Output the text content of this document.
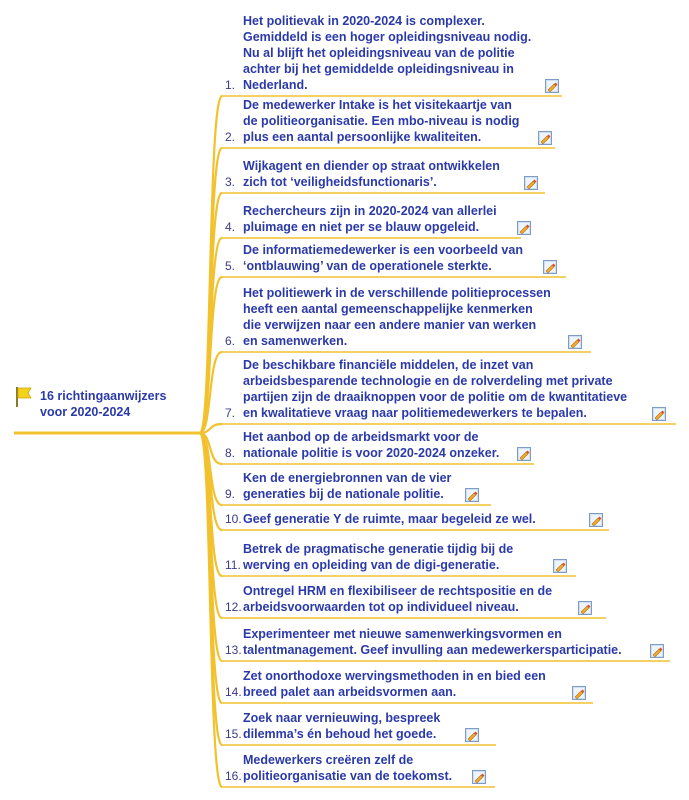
16 richtingaanwijzers
voor 2020-2024
1.
Het politievak in 2020-2024 is complexer.
Gemiddeld is een hoger opleidingsniveau nodig.
Nu al blijft het opleidingsniveau van de politie
achter bij het gemiddelde opleidingsniveau in
Nederland.
2.
De medewerker Intake is het visitekaartje van
de politieorganisatie. Een mbo-niveau is nodig
plus een aantal persoonlijke kwaliteiten.
3.
Wijkagent en diender op straat ontwikkelen
zich tot ‘veiligheidsfunctionaris’.
4.
Rechercheurs zijn in 2020-2024 van allerlei
pluimage en niet per se blauw opgeleid.
5.
De informatiemedewerker is een voorbeeld van
‘ontblauwing’ van de operationele sterkte.
6.
Het politiewerk in de verschillende politieprocessen
heeft een aantal gemeenschappelijke kenmerken
die verwijzen naar een andere manier van werken
en samenwerken.
7.
De beschikbare financiële middelen, de inzet van
arbeidsbesparende technologie en de rolverdeling met private
partijen zijn de draaiknoppen voor de politie om de kwantitatieve
en kwalitatieve vraag naar politiemedewerkers te bepalen.
8.
Het aanbod op de arbeidsmarkt voor de
nationale politie is voor 2020-2024 onzeker.
9.
Ken de energiebronnen van de vier
generaties bij de nationale politie.
10. Geef generatie Y de ruimte, maar begeleid ze wel.
11.
Betrek de pragmatische generatie tijdig bij de
werving en opleiding van de digi-generatie.
12.
Ontregel HRM en flexibiliseer de rechtspositie en de
arbeidsvoorwaarden tot op individueel niveau.
13.
Experimenteer met nieuwe samenwerkingsvormen en
talentmanagement. Geef invulling aan medewerkersparticipatie.
14.
Zet onorthodoxe wervingsmethoden in en bied een
breed palet aan arbeidsvormen aan.
15.
Zoek naar vernieuwing, bespreek
dilemma’s én behoud het goede.
16.
Medewerkers creëren zelf de
politieorganisatie van de toekomst.
